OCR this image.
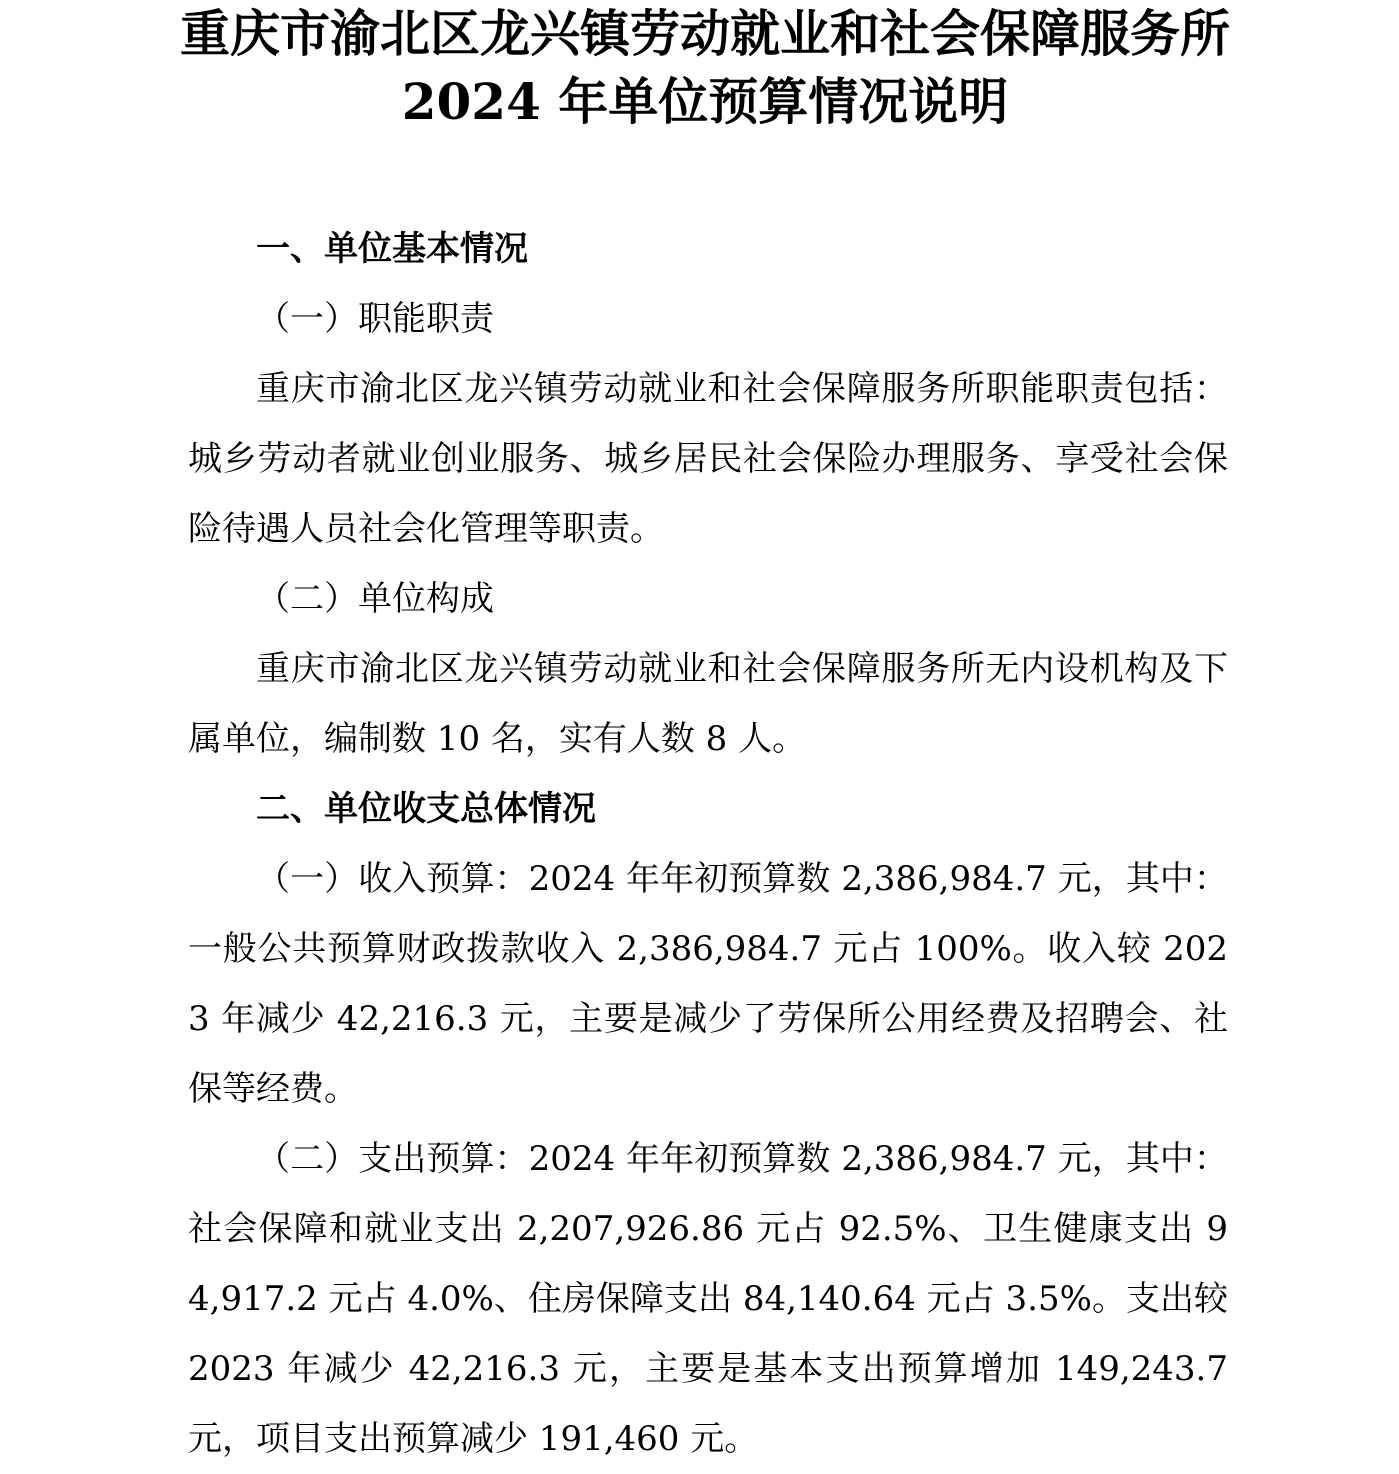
重庆市渝北区龙兴镇劳动就业和社会保障服务所
2024 年单位预算情况说明

一、单位基本情况

（一）职能职责

重庆市渝北区龙兴镇劳动就业和社会保障服务所职能职责包括：城乡劳动者就业创业服务、城乡居民社会保险办理服务、享受社会保险待遇人员社会化管理等职责。

（二）单位构成

重庆市渝北区龙兴镇劳动就业和社会保障服务所无内设机构及下属单位，编制数 10 名，实有人数 8 人。

二、单位收支总体情况

（一）收入预算：2024 年年初预算数 2,386,984.7 元，其中：一般公共预算财政拨款收入 2,386,984.7 元占 100%。收入较 2023 年减少 42,216.3 元，主要是减少了劳保所公用经费及招聘会、社保等经费。

（二）支出预算：2024 年年初预算数 2,386,984.7 元，其中：社会保障和就业支出 2,207,926.86 元占 92.5%、卫生健康支出 94,917.2 元占 4.0%、住房保障支出 84,140.64 元占 3.5%。支出较 2023 年减少 42,216.3 元，主要是基本支出预算增加 149,243.7 元，项目支出预算减少 191,460 元。
